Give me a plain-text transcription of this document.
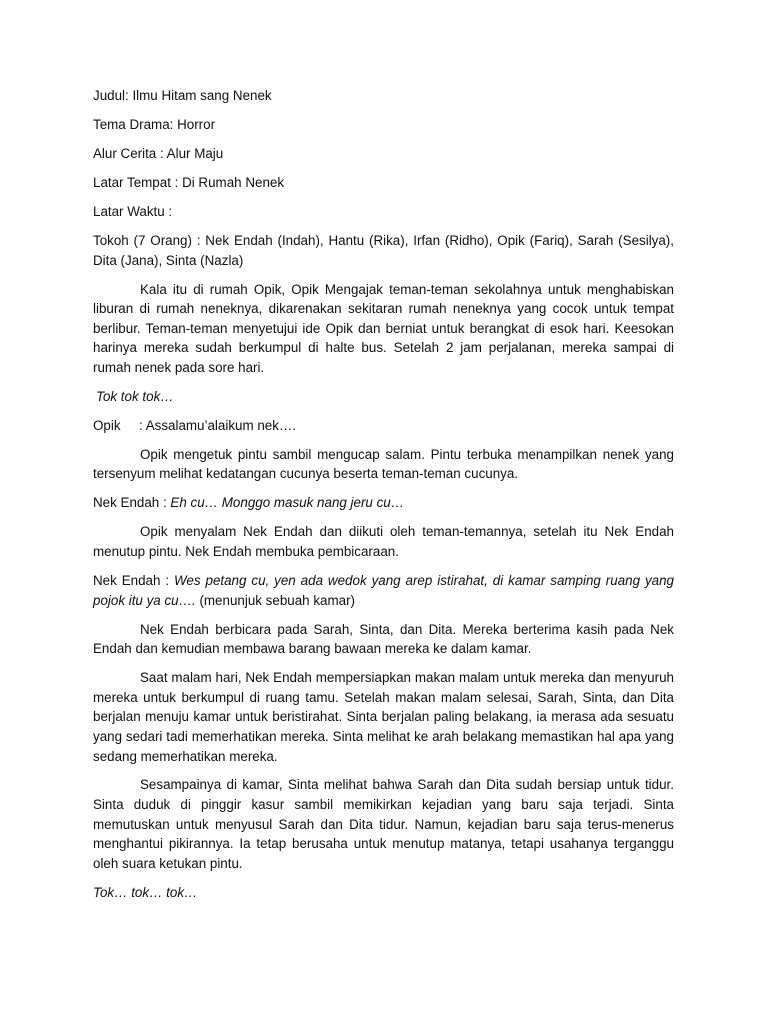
Judul: Ilmu Hitam sang Nenek

Tema Drama: Horror

Alur Cerita : Alur Maju

Latar Tempat : Di Rumah Nenek

Latar Waktu :

Tokoh (7 Orang) : Nek Endah (Indah), Hantu (Rika), Irfan (Ridho), Opik (Fariq), Sarah (Sesilya), Dita (Jana), Sinta (Nazla)

Kala itu di rumah Opik, Opik Mengajak teman-teman sekolahnya untuk menghabiskan liburan di rumah neneknya, dikarenakan sekitaran rumah neneknya yang cocok untuk tempat berlibur. Teman-teman menyetujui ide Opik dan berniat untuk berangkat di esok hari. Keesokan harinya mereka sudah berkumpul di halte bus. Setelah 2 jam perjalanan, mereka sampai di rumah nenek pada sore hari.

Tok tok tok…

Opik	: Assalamu’alaikum nek….

Opik mengetuk pintu sambil mengucap salam. Pintu terbuka menampilkan nenek yang tersenyum melihat kedatangan cucunya beserta teman-teman cucunya.

Nek Endah : Eh cu… Monggo masuk nang jeru cu…

Opik menyalam Nek Endah dan diikuti oleh teman-temannya, setelah itu Nek Endah menutup pintu. Nek Endah membuka pembicaraan.

Nek Endah : Wes petang cu, yen ada wedok yang arep istirahat, di kamar samping ruang yang pojok itu ya cu…. (menunjuk sebuah kamar)

Nek Endah berbicara pada Sarah, Sinta, dan Dita. Mereka berterima kasih pada Nek Endah dan kemudian membawa barang bawaan mereka ke dalam kamar.

Saat malam hari, Nek Endah mempersiapkan makan malam untuk mereka dan menyuruh mereka untuk berkumpul di ruang tamu. Setelah makan malam selesai, Sarah, Sinta, dan Dita berjalan menuju kamar untuk beristirahat. Sinta berjalan paling belakang, ia merasa ada sesuatu yang sedari tadi memerhatikan mereka. Sinta melihat ke arah belakang memastikan hal apa yang sedang memerhatikan mereka.

Sesampainya di kamar, Sinta melihat bahwa Sarah dan Dita sudah bersiap untuk tidur. Sinta duduk di pinggir kasur sambil memikirkan kejadian yang baru saja terjadi. Sinta memutuskan untuk menyusul Sarah dan Dita tidur. Namun, kejadian baru saja terus-menerus menghantui pikirannya. Ia tetap berusaha untuk menutup matanya, tetapi usahanya terganggu oleh suara ketukan pintu.

Tok… tok… tok…
